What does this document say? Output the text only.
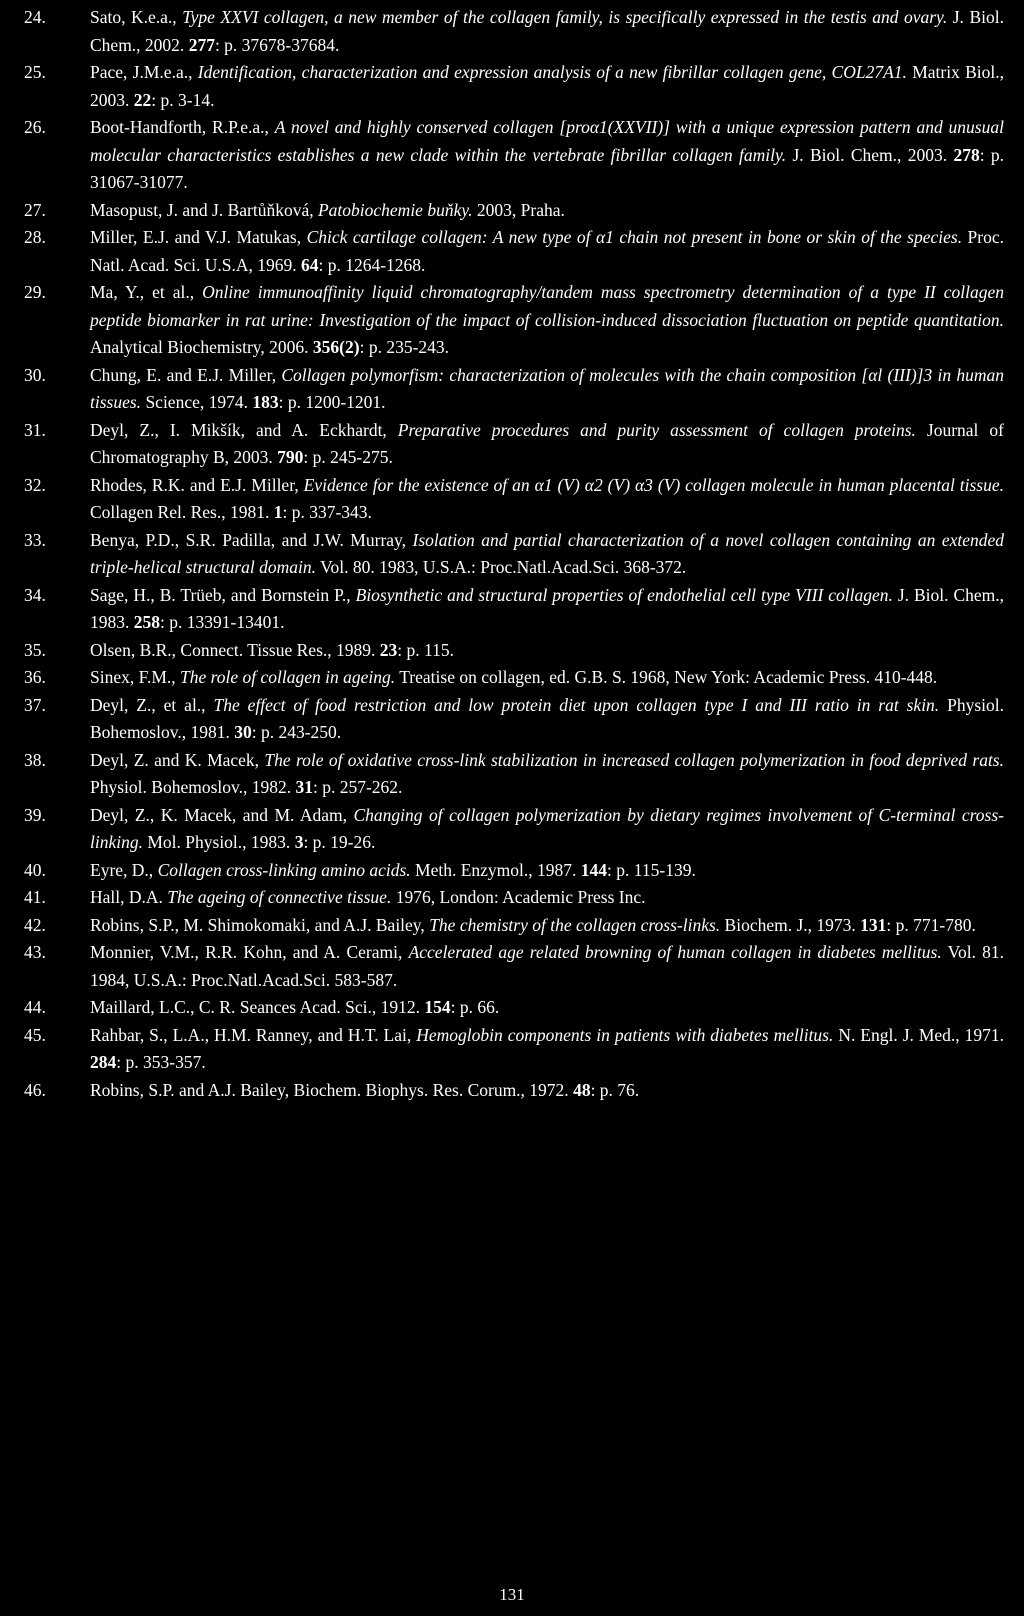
24.	Sato, K.e.a., Type XXVI collagen, a new member of the collagen family, is specifically expressed in the testis and ovary. J. Biol. Chem., 2002. 277: p. 37678-37684.
25.	Pace, J.M.e.a., Identification, characterization and expression analysis of a new fibrillar collagen gene, COL27A1. Matrix Biol., 2003. 22: p. 3-14.
26.	Boot-Handforth, R.P.e.a., A novel and highly conserved collagen [proα1(XXVII)] with a unique expression pattern and unusual molecular characteristics establishes a new clade within the vertebrate fibrillar collagen family. J. Biol. Chem., 2003. 278: p. 31067-31077.
27.	Masopust, J. and J. Bartůňková, Patobiochemie buňky. 2003, Praha.
28.	Miller, E.J. and V.J. Matukas, Chick cartilage collagen: A new type of α1 chain not present in bone or skin of the species. Proc. Natl. Acad. Sci. U.S.A, 1969. 64: p. 1264-1268.
29.	Ma, Y., et al., Online immunoaffinity liquid chromatography/tandem mass spectrometry determination of a type II collagen peptide biomarker in rat urine: Investigation of the impact of collision-induced dissociation fluctuation on peptide quantitation. Analytical Biochemistry, 2006. 356(2): p. 235-243.
30.	Chung, E. and E.J. Miller, Collagen polymorfism: characterization of molecules with the chain composition [αl (III)]3 in human tissues. Science, 1974. 183: p. 1200-1201.
31.	Deyl, Z., I. Mikšík, and A. Eckhardt, Preparative procedures and purity assessment of collagen proteins. Journal of Chromatography B, 2003. 790: p. 245-275.
32.	Rhodes, R.K. and E.J. Miller, Evidence for the existence of an α1 (V) α2 (V) α3 (V) collagen molecule in human placental tissue. Collagen Rel. Res., 1981. 1: p. 337-343.
33.	Benya, P.D., S.R. Padilla, and J.W. Murray, Isolation and partial characterization of a novel collagen containing an extended triple-helical structural domain. Vol. 80. 1983, U.S.A.: Proc.Natl.Acad.Sci. 368-372.
34.	Sage, H., B. Trüeb, and Bornstein P., Biosynthetic and structural properties of endothelial cell type VIII collagen. J. Biol. Chem., 1983. 258: p. 13391-13401.
35.	Olsen, B.R., Connect. Tissue Res., 1989. 23: p. 115.
36.	Sinex, F.M., The role of collagen in ageing. Treatise on collagen, ed. G.B. S. 1968, New York: Academic Press. 410-448.
37.	Deyl, Z., et al., The effect of food restriction and low protein diet upon collagen type I and III ratio in rat skin. Physiol. Bohemoslov., 1981. 30: p. 243-250.
38.	Deyl, Z. and K. Macek, The role of oxidative cross-link stabilization in increased collagen polymerization in food deprived rats. Physiol. Bohemoslov., 1982. 31: p. 257-262.
39.	Deyl, Z., K. Macek, and M. Adam, Changing of collagen polymerization by dietary regimes involvement of C-terminal cross-linking. Mol. Physiol., 1983. 3: p. 19-26.
40.	Eyre, D., Collagen cross-linking amino acids. Meth. Enzymol., 1987. 144: p. 115-139.
41.	Hall, D.A. The ageing of connective tissue. 1976, London: Academic Press Inc.
42.	Robins, S.P., M. Shimokomaki, and A.J. Bailey, The chemistry of the collagen cross-links. Biochem. J., 1973. 131: p. 771-780.
43.	Monnier, V.M., R.R. Kohn, and A. Cerami, Accelerated age related browning of human collagen in diabetes mellitus. Vol. 81. 1984, U.S.A.: Proc.Natl.Acad.Sci. 583-587.
44.	Maillard, L.C., C. R. Seances Acad. Sci., 1912. 154: p. 66.
45.	Rahbar, S., L.A., H.M. Ranney, and H.T. Lai, Hemoglobin components in patients with diabetes mellitus. N. Engl. J. Med., 1971. 284: p. 353-357.
46.	Robins, S.P. and A.J. Bailey, Biochem. Biophys. Res. Corum., 1972. 48: p. 76.
131
